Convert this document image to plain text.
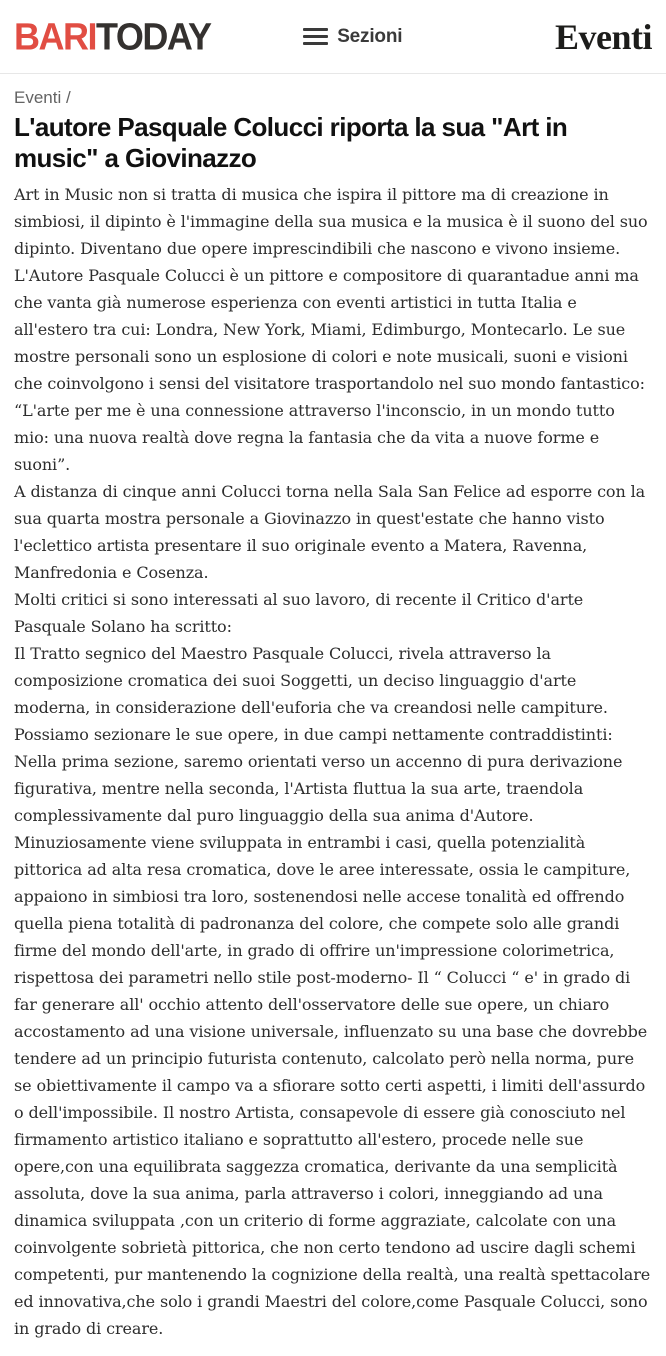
BARITODAY	Sezioni	Eventi
Eventi /
L'autore Pasquale Colucci riporta la sua "Art in music" a Giovinazzo

Art in Music non si tratta di musica che ispira il pittore ma di creazione in simbiosi, il dipinto è l'immagine della sua musica e la musica è il suono del suo dipinto. Diventano due opere imprescindibili che nascono e vivono insieme. L'Autore Pasquale Colucci è un pittore e compositore di quarantadue anni ma che vanta già numerose esperienza con eventi artistici in tutta Italia e all'estero tra cui: Londra, New York, Miami, Edimburgo, Montecarlo. Le sue mostre personali sono un esplosione di colori e note musicali, suoni e visioni che coinvolgono i sensi del visitatore trasportandolo nel suo mondo fantastico: “L'arte per me è una connessione attraverso l'inconscio, in un mondo tutto mio: una nuova realtà dove regna la fantasia che da vita a nuove forme e suoni”.

A distanza di cinque anni Colucci torna nella Sala San Felice ad esporre con la sua quarta mostra personale a Giovinazzo in quest'estate che hanno visto l'eclettico artista presentare il suo originale evento a Matera, Ravenna, Manfredonia e Cosenza.

Molti critici si sono interessati al suo lavoro, di recente il Critico d'arte Pasquale Solano ha scritto:

Il Tratto segnico del Maestro Pasquale Colucci, rivela attraverso la composizione cromatica dei suoi Soggetti, un deciso linguaggio d'arte moderna, in considerazione dell'euforia che va creandosi nelle campiture. Possiamo sezionare le sue opere, in due campi nettamente contraddistinti: Nella prima sezione, saremo orientati verso un accenno di pura derivazione figurativa, mentre nella seconda, l'Artista fluttua la sua arte, traendola complessivamente dal puro linguaggio della sua anima d'Autore. Minuziosamente viene sviluppata in entrambi i casi, quella potenzialità pittorica ad alta resa cromatica, dove le aree interessate, ossia le campiture, appaiono in simbiosi tra loro, sostenendosi nelle accese tonalità ed offrendo quella piena totalità di padronanza del colore, che compete solo alle grandi firme del mondo dell'arte, in grado di offrire un'impressione colorimetrica, rispettosa dei parametri nello stile post-moderno- Il “ Colucci “ e' in grado di far generare all' occhio attento dell'osservatore delle sue opere, un chiaro accostamento ad una visione universale, influenzato su una base che dovrebbe tendere ad un principio futurista contenuto, calcolato però nella norma, pure se obiettivamente il campo va a sfiorare sotto certi aspetti, i limiti dell'assurdo o dell'impossibile. Il nostro Artista, consapevole di essere già conosciuto nel firmamento artistico italiano e soprattutto all'estero, procede nelle sue opere,con una equilibrata saggezza cromatica, derivante da una semplicità assoluta, dove la sua anima, parla attraverso i colori, inneggiando ad una dinamica sviluppata ,con un criterio di forme aggraziate, calcolate con una coinvolgente sobrietà pittorica, che non certo tendono ad uscire dagli schemi competenti, pur mantenendo la cognizione della realtà, una realtà spettacolare ed innovativa,che solo i grandi Maestri del colore,come Pasquale Colucci, sono in grado di creare.
